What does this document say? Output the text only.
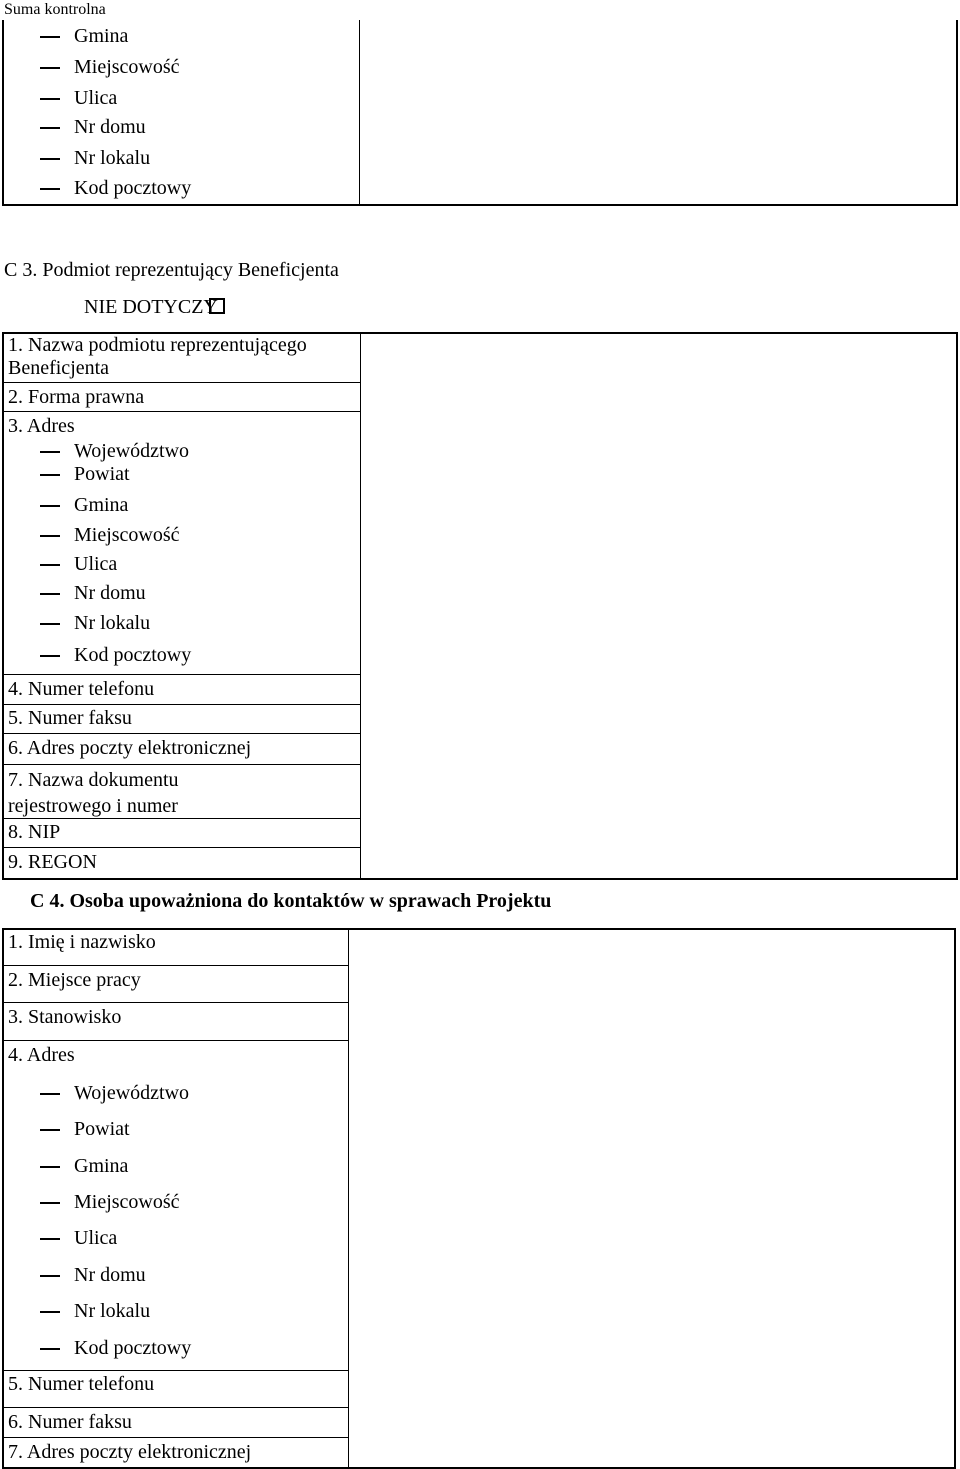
Suma kontrolna
Gmina
Miejscowość
Ulica
Nr domu
Nr lokalu
Kod pocztowy
C 3. Podmiot reprezentujący Beneficjenta
NIE DOTYCZY
1. Nazwa podmiotu reprezentującego
Beneficjenta
2. Forma prawna
3. Adres
Województwo
Powiat
Gmina
Miejscowość
Ulica
Nr domu
Nr lokalu
Kod pocztowy
4. Numer telefonu
5. Numer faksu
6. Adres poczty elektronicznej
7. Nazwa dokumentu
rejestrowego i numer
8. NIP
9. REGON
C 4. Osoba upoważniona do kontaktów w sprawach Projektu
1. Imię i nazwisko
2. Miejsce pracy
3. Stanowisko
4. Adres
Województwo
Powiat
Gmina
Miejscowość
Ulica
Nr domu
Nr lokalu
Kod pocztowy
5. Numer telefonu
6. Numer faksu
7. Adres poczty elektronicznej
